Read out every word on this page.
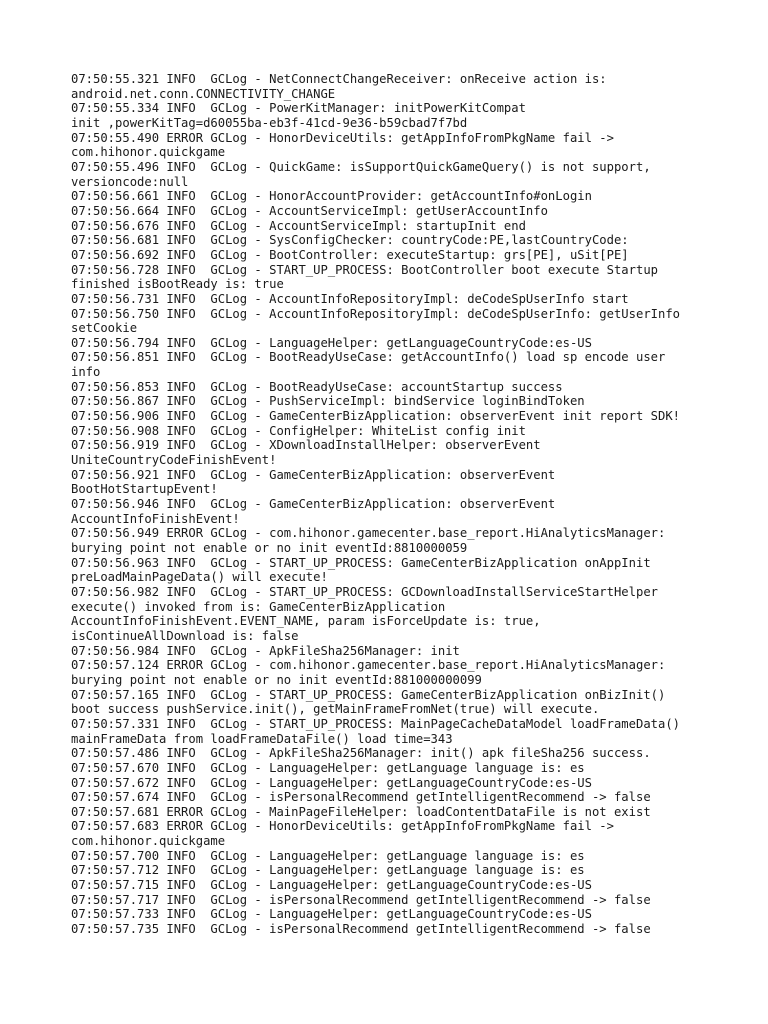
07:50:55.321 INFO  GCLog - NetConnectChangeReceiver: onReceive action is:
android.net.conn.CONNECTIVITY_CHANGE
07:50:55.334 INFO  GCLog - PowerKitManager: initPowerKitCompat
init ,powerKitTag=d60055ba-eb3f-41cd-9e36-b59cbad7f7bd
07:50:55.490 ERROR GCLog - HonorDeviceUtils: getAppInfoFromPkgName fail ->
com.hihonor.quickgame
07:50:55.496 INFO  GCLog - QuickGame: isSupportQuickGameQuery() is not support,
versioncode:null
07:50:56.661 INFO  GCLog - HonorAccountProvider: getAccountInfo#onLogin
07:50:56.664 INFO  GCLog - AccountServiceImpl: getUserAccountInfo
07:50:56.676 INFO  GCLog - AccountServiceImpl: startupInit end
07:50:56.681 INFO  GCLog - SysConfigChecker: countryCode:PE,lastCountryCode:
07:50:56.692 INFO  GCLog - BootController: executeStartup: grs[PE], uSit[PE]
07:50:56.728 INFO  GCLog - START_UP_PROCESS: BootController boot execute Startup
finished isBootReady is: true
07:50:56.731 INFO  GCLog - AccountInfoRepositoryImpl: deCodeSpUserInfo start
07:50:56.750 INFO  GCLog - AccountInfoRepositoryImpl: deCodeSpUserInfo: getUserInfo
setCookie
07:50:56.794 INFO  GCLog - LanguageHelper: getLanguageCountryCode:es-US
07:50:56.851 INFO  GCLog - BootReadyUseCase: getAccountInfo() load sp encode user
info
07:50:56.853 INFO  GCLog - BootReadyUseCase: accountStartup success
07:50:56.867 INFO  GCLog - PushServiceImpl: bindService loginBindToken
07:50:56.906 INFO  GCLog - GameCenterBizApplication: observerEvent init report SDK!
07:50:56.908 INFO  GCLog - ConfigHelper: WhiteList config init
07:50:56.919 INFO  GCLog - XDownloadInstallHelper: observerEvent
UniteCountryCodeFinishEvent!
07:50:56.921 INFO  GCLog - GameCenterBizApplication: observerEvent
BootHotStartupEvent!
07:50:56.946 INFO  GCLog - GameCenterBizApplication: observerEvent
AccountInfoFinishEvent!
07:50:56.949 ERROR GCLog - com.hihonor.gamecenter.base_report.HiAnalyticsManager:
burying point not enable or no init eventId:8810000059
07:50:56.963 INFO  GCLog - START_UP_PROCESS: GameCenterBizApplication onAppInit
preLoadMainPageData() will execute!
07:50:56.982 INFO  GCLog - START_UP_PROCESS: GCDownloadInstallServiceStartHelper
execute() invoked from is: GameCenterBizApplication
AccountInfoFinishEvent.EVENT_NAME, param isForceUpdate is: true,
isContinueAllDownload is: false
07:50:56.984 INFO  GCLog - ApkFileSha256Manager: init
07:50:57.124 ERROR GCLog - com.hihonor.gamecenter.base_report.HiAnalyticsManager:
burying point not enable or no init eventId:881000000099
07:50:57.165 INFO  GCLog - START_UP_PROCESS: GameCenterBizApplication onBizInit()
boot success pushService.init(), getMainFrameFromNet(true) will execute.
07:50:57.331 INFO  GCLog - START_UP_PROCESS: MainPageCacheDataModel loadFrameData()
mainFrameData from loadFrameDataFile() load time=343
07:50:57.486 INFO  GCLog - ApkFileSha256Manager: init() apk fileSha256 success.
07:50:57.670 INFO  GCLog - LanguageHelper: getLanguage language is: es
07:50:57.672 INFO  GCLog - LanguageHelper: getLanguageCountryCode:es-US
07:50:57.674 INFO  GCLog - isPersonalRecommend getIntelligentRecommend -> false
07:50:57.681 ERROR GCLog - MainPageFileHelper: loadContentDataFile is not exist
07:50:57.683 ERROR GCLog - HonorDeviceUtils: getAppInfoFromPkgName fail ->
com.hihonor.quickgame
07:50:57.700 INFO  GCLog - LanguageHelper: getLanguage language is: es
07:50:57.712 INFO  GCLog - LanguageHelper: getLanguage language is: es
07:50:57.715 INFO  GCLog - LanguageHelper: getLanguageCountryCode:es-US
07:50:57.717 INFO  GCLog - isPersonalRecommend getIntelligentRecommend -> false
07:50:57.733 INFO  GCLog - LanguageHelper: getLanguageCountryCode:es-US
07:50:57.735 INFO  GCLog - isPersonalRecommend getIntelligentRecommend -> false
